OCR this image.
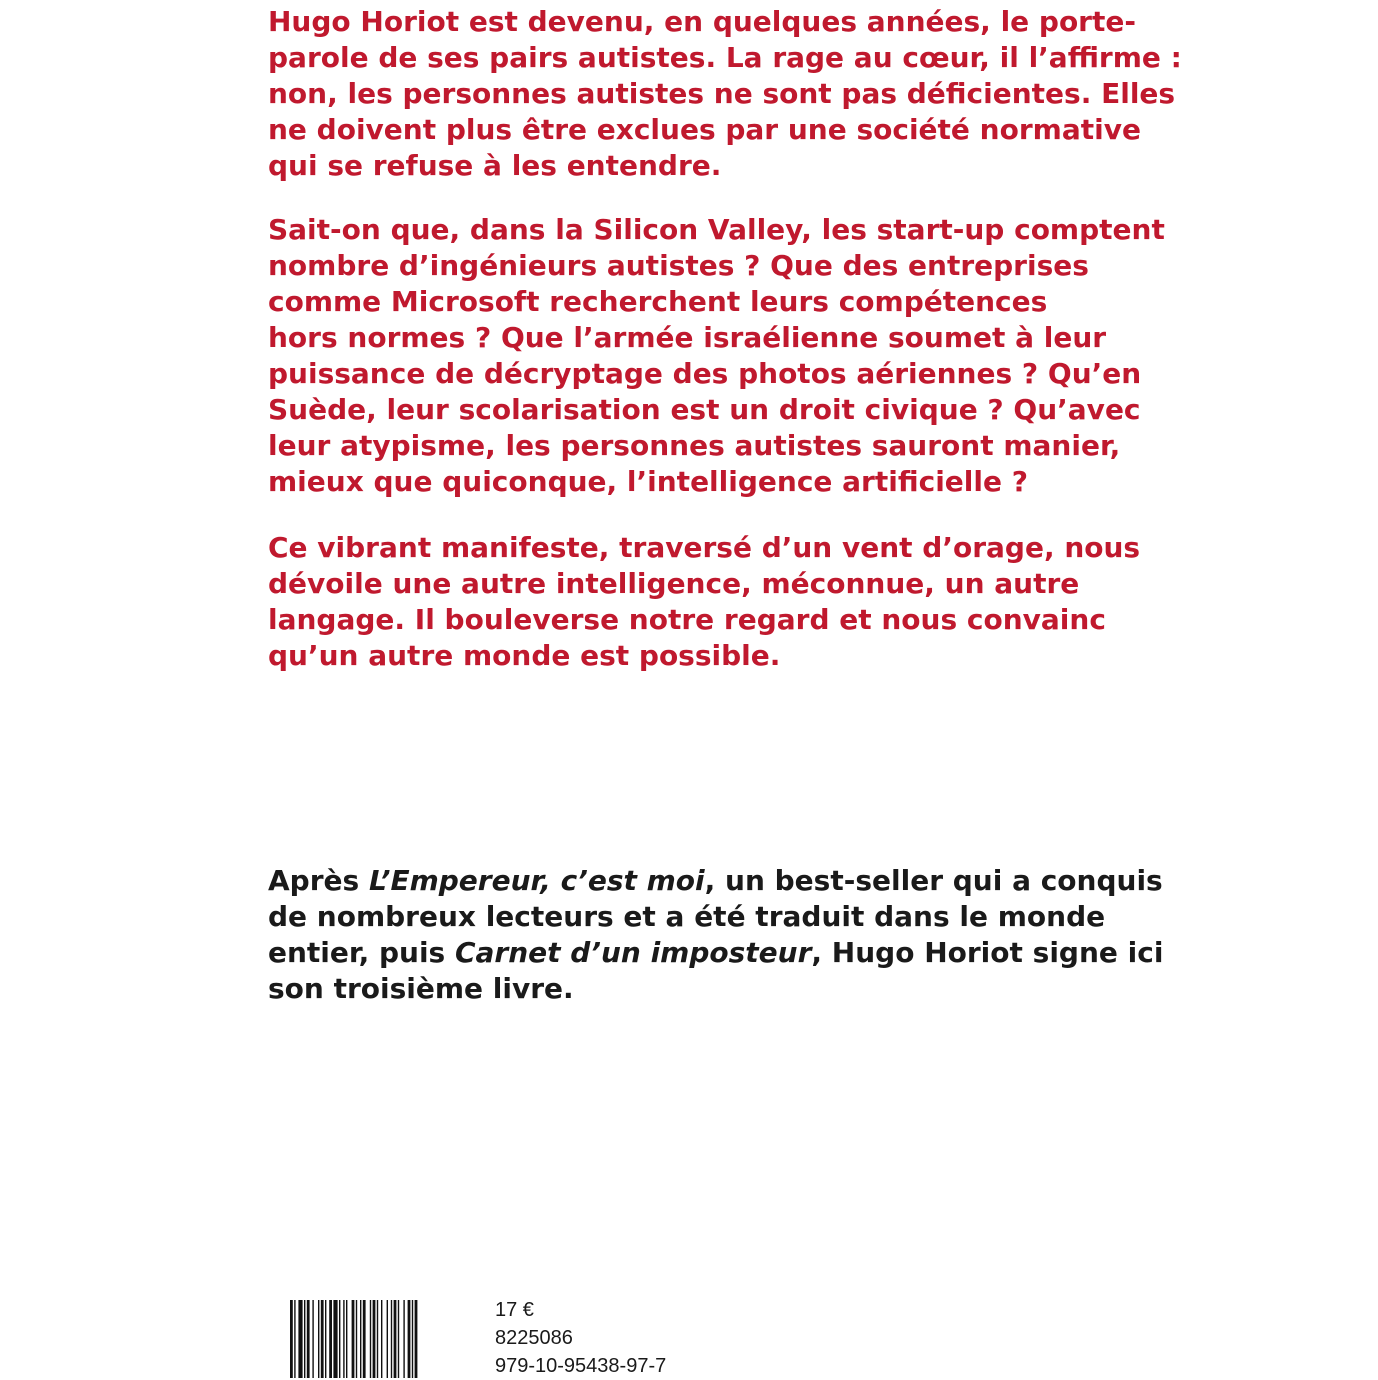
Hugo Horiot est devenu, en quelques années, le porte-
parole de ses pairs autistes. La rage au cœur, il l’affirme :
non, les personnes autistes ne sont pas déficientes. Elles
ne doivent plus être exclues par une société normative
qui se refuse à les entendre.

Sait-on que, dans la Silicon Valley, les start-up comptent
nombre d’ingénieurs autistes ? Que des entreprises
comme Microsoft recherchent leurs compétences
hors normes ? Que l’armée israélienne soumet à leur
puissance de décryptage des photos aériennes ? Qu’en
Suède, leur scolarisation est un droit civique ? Qu’avec
leur atypisme, les personnes autistes sauront manier,
mieux que quiconque, l’intelligence artificielle ?

Ce vibrant manifeste, traversé d’un vent d’orage, nous
dévoile une autre intelligence, méconnue, un autre
langage. Il bouleverse notre regard et nous convainc
qu’un autre monde est possible.

Après L’Empereur, c’est moi, un best-seller qui a conquis
de nombreux lecteurs et a été traduit dans le monde
entier, puis Carnet d’un imposteur, Hugo Horiot signe ici
son troisième livre.

17 €
8225086
979-10-95438-97-7
